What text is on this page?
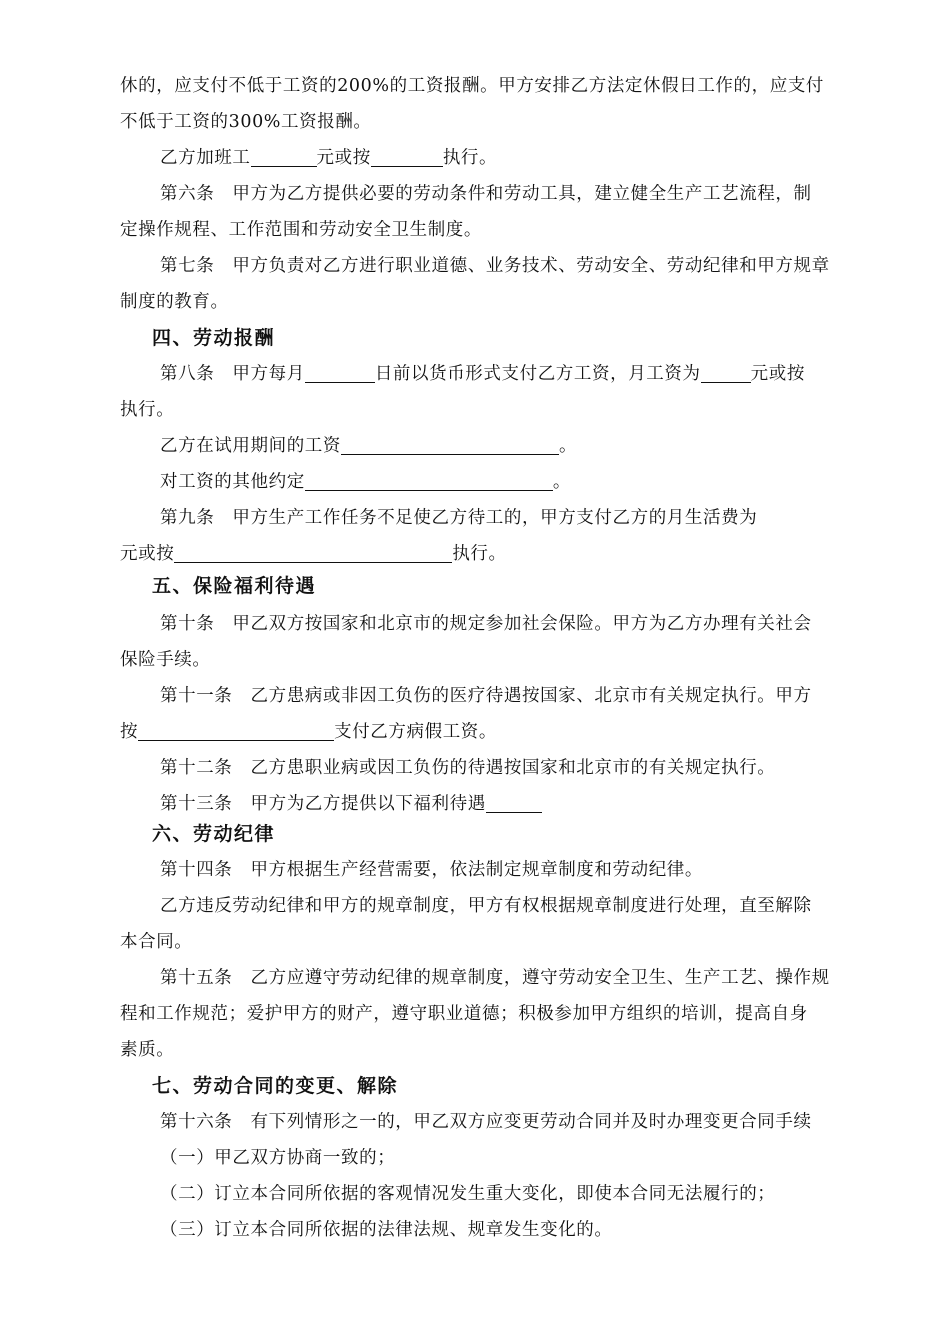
休的，应支付不低于工资的200%的工资报酬。甲方安排乙方法定休假日工作的，应支付
不低于工资的300%工资报酬。
乙方加班工	元或按	执行。
第六条　甲方为乙方提供必要的劳动条件和劳动工具，建立健全生产工艺流程，制
定操作规程、工作范围和劳动安全卫生制度。
第七条　甲方负责对乙方进行职业道德、业务技术、劳动安全、劳动纪律和甲方规章
制度的教育。
四、劳动报酬
第八条　甲方每月	日前以货币形式支付乙方工资，月工资为	元或按
执行。
乙方在试用期间的工资	。
对工资的其他约定	。
第九条　甲方生产工作任务不足使乙方待工的，甲方支付乙方的月生活费为
元或按	执行。
五、保险福利待遇
第十条　甲乙双方按国家和北京市的规定参加社会保险。甲方为乙方办理有关社会
保险手续。
第十一条　乙方患病或非因工负伤的医疗待遇按国家、北京市有关规定执行。甲方
按	支付乙方病假工资。
第十二条　乙方患职业病或因工负伤的待遇按国家和北京市的有关规定执行。
第十三条　甲方为乙方提供以下福利待遇
六、劳动纪律
第十四条　甲方根据生产经营需要，依法制定规章制度和劳动纪律。
乙方违反劳动纪律和甲方的规章制度，甲方有权根据规章制度进行处理，直至解除
本合同。
第十五条　乙方应遵守劳动纪律的规章制度，遵守劳动安全卫生、生产工艺、操作规
程和工作规范；爱护甲方的财产，遵守职业道德；积极参加甲方组织的培训，提高自身
素质。
七、劳动合同的变更、解除
第十六条　有下列情形之一的，甲乙双方应变更劳动合同并及时办理变更合同手续
（一）甲乙双方协商一致的；
（二）订立本合同所依据的客观情况发生重大变化，即使本合同无法履行的；
（三）订立本合同所依据的法律法规、规章发生变化的。
